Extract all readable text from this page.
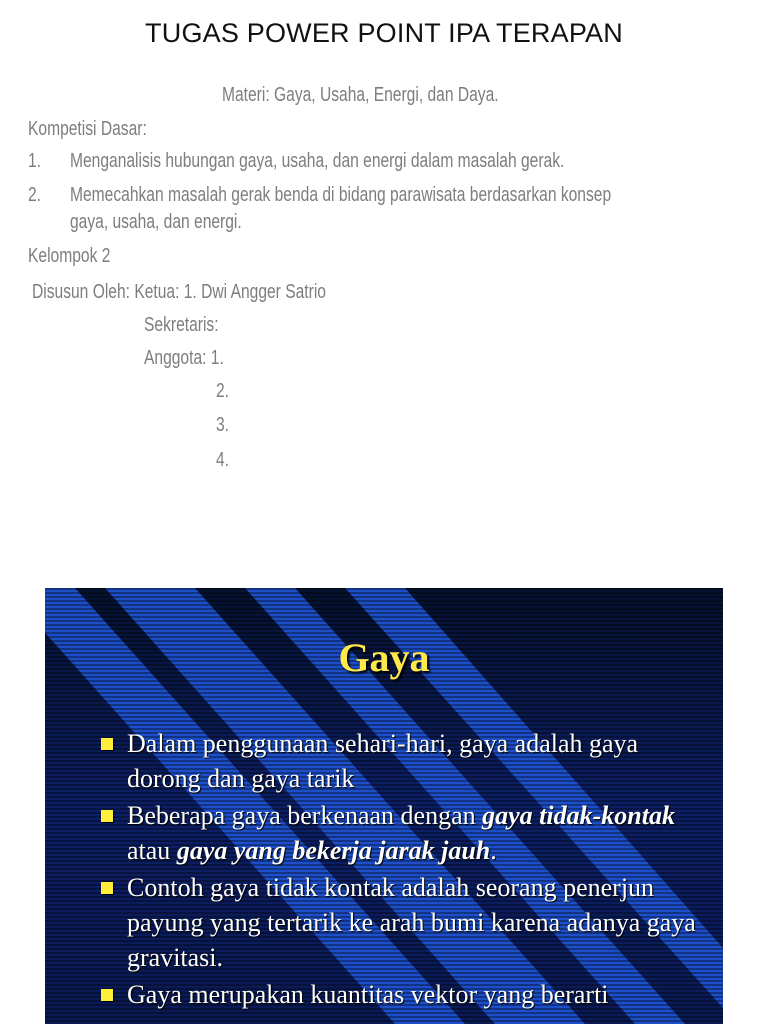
TUGAS POWER POINT IPA TERAPAN
Materi: Gaya, Usaha, Energi, dan Daya.
Kompetisi Dasar:
1. Menganalisis hubungan gaya, usaha, dan energi dalam masalah gerak.
2. Memecahkan masalah gerak benda di bidang parawisata berdasarkan konsep
gaya, usaha, dan energi.
Kelompok 2
Disusun Oleh: Ketua: 1. Dwi Angger Satrio
Sekretaris:
Anggota: 1.
2.
3.
4.
Gaya
Dalam penggunaan sehari-hari, gaya adalah gaya dorong dan gaya tarik
Beberapa gaya berkenaan dengan gaya tidak-kontak atau gaya yang bekerja jarak jauh.
Contoh gaya tidak kontak adalah seorang penerjun payung yang tertarik ke arah bumi karena adanya gaya gravitasi.
Gaya merupakan kuantitas vektor yang berarti
